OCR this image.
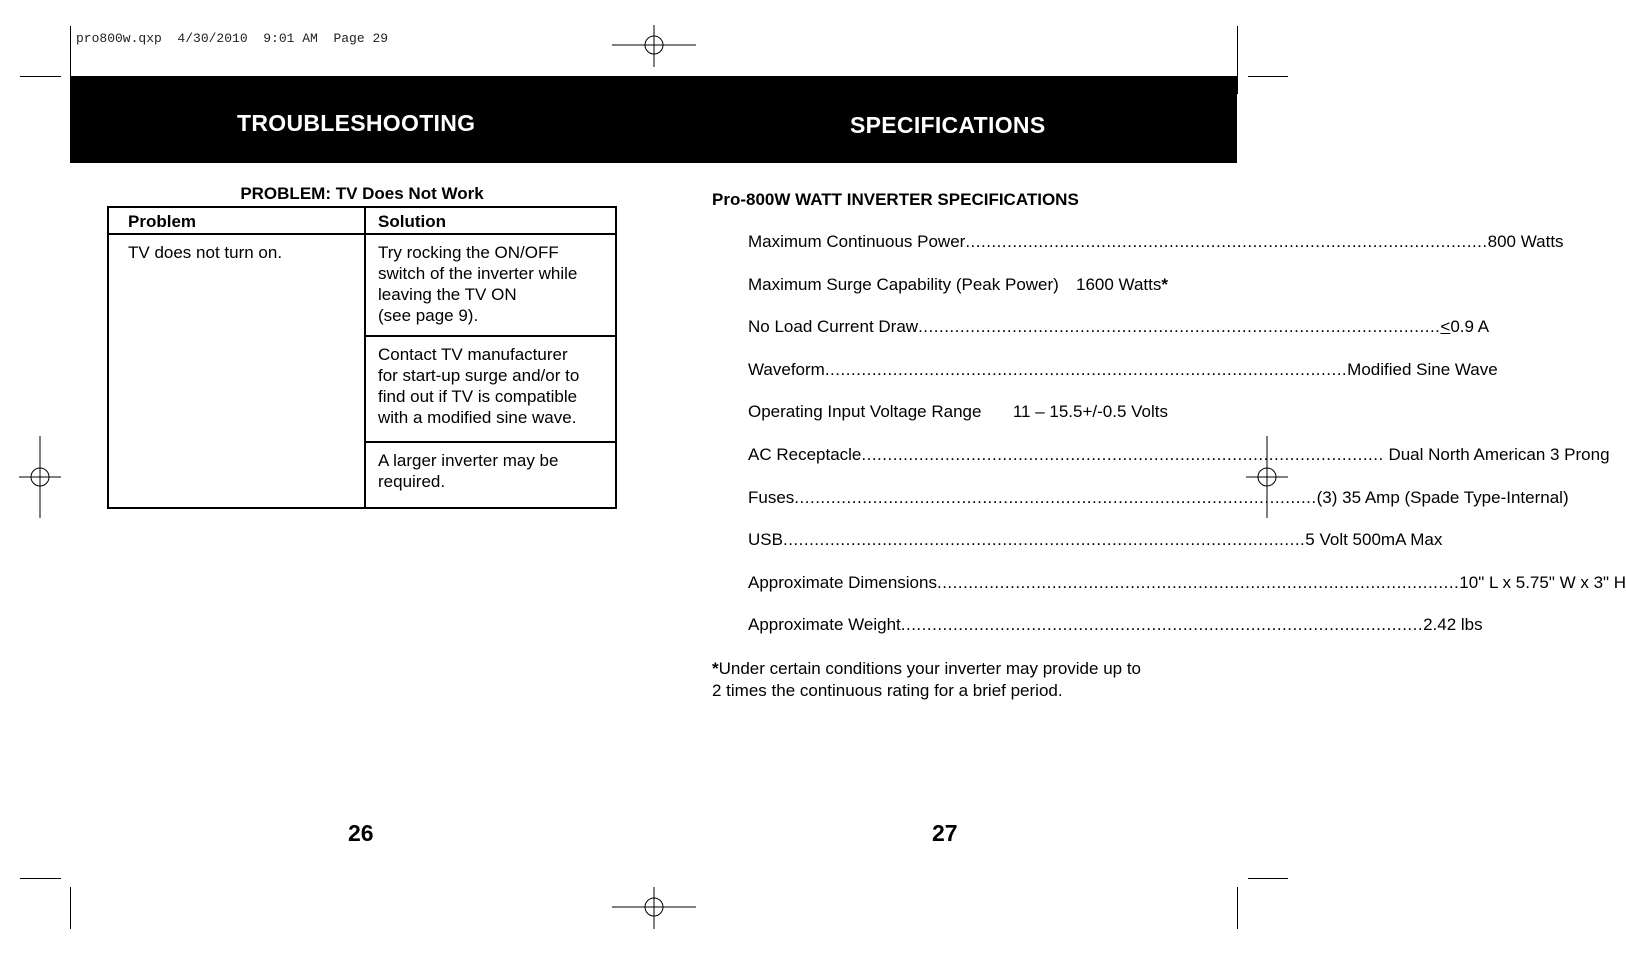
pro800w.qxp  4/30/2010  9:01 AM  Page 29
TROUBLESHOOTING	SPECIFICATIONS
PROBLEM: TV Does Not Work
Problem	Solution
TV does not turn on.	Try rocking the ON/OFF
switch of the inverter while
leaving the TV ON
(see page 9).

	Contact TV manufacturer
for start-up surge and/or to
find out if TV is compatible
with a modified sine wave.

	A larger inverter may be
required.
26
Pro-800W WATT INVERTER SPECIFICATIONS
Maximum Continuous Power .................................................................................................... 800 Watts
Maximum Surge Capability (Peak Power) 1600 Watts *
No Load Current Draw .................................................................................................... < 0.9 A
Waveform .................................................................................................... Modified Sine Wave
Operating Input Voltage Range 11 – 15.5+/-0.5 Volts
AC Receptacle .................................................................................................... Dual North American 3 Prong
Fuses .................................................................................................... (3) 35 Amp (Spade Type-Internal)
USB .................................................................................................... 5 Volt 500mA Max
Approximate Dimensions .................................................................................................... 10" L x 5.75" W x 3" H
Approximate Weight .................................................................................................... 2.42 lbs
*Under certain conditions your inverter may provide up to
2 times the continuous rating for a brief period.
27
